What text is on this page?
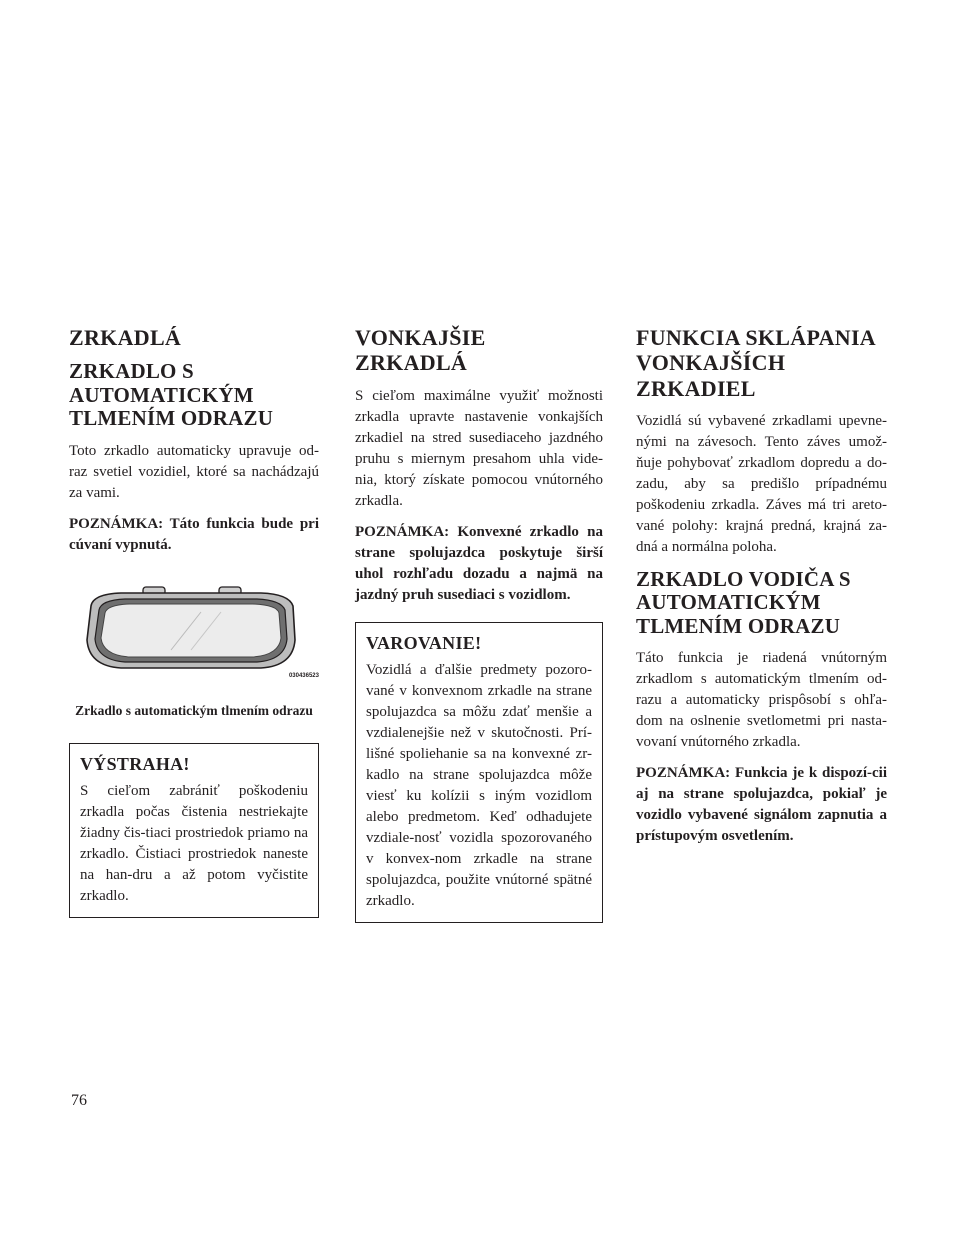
ZRKADLÁ
ZRKADLO S AUTOMATICKÝM TLMENÍM ODRAZU

Toto zrkadlo automaticky upravuje od-raz svetiel vozidiel, ktoré sa nachádzajú za vami.

POZNÁMKA: Táto funkcia bude pri cúvaní vypnutá.

030436523
Zrkadlo s automatickým tlmením odrazu
VÝSTRAHA!

S cieľom zabrániť poškodeniu zrkadla počas čistenia nestriekajte žiadny čis-tiaci prostriedok priamo na zrkadlo. Čistiaci prostriedok naneste na han-dru a až potom vyčistite zrkadlo.

VONKAJŠIE ZRKADLÁ

S cieľom maximálne využiť možnosti zrkadla upravte nastavenie vonkajších zrkadiel na stred susediaceho jazdného pruhu s miernym presahom uhla vide-nia, ktorý získate pomocou vnútorného zrkadla.

POZNÁMKA: Konvexné zrkadlo na strane spolujazdca poskytuje širší uhol rozhľadu dozadu a najmä na jazdný pruh susediaci s vozidlom.

VAROVANIE!

Vozidlá a ďalšie predmety pozoro-vané v konvexnom zrkadle na strane spolujazdca sa môžu zdať menšie a vzdialenejšie než v skutočnosti. Prí-lišné spoliehanie sa na konvexné zr-kadlo na strane spolujazdca môže viesť ku kolízii s iným vozidlom alebo predmetom. Keď odhadujete vzdiale-nosť vozidla spozorovaného v konvex-nom zrkadle na strane spolujazdca, použite vnútorné spätné zrkadlo.

FUNKCIA SKLÁPANIA VONKAJŠÍCH ZRKADIEL

Vozidlá sú vybavené zrkadlami upevne-nými na závesoch. Tento záves umož-ňuje pohybovať zrkadlom dopredu a do-zadu, aby sa predišlo prípadnému poškodeniu zrkadla. Záves má tri areto-vané polohy: krajná predná, krajná za-dná a normálna poloha.

ZRKADLO VODIČA S AUTOMATICKÝM TLMENÍM ODRAZU

Táto funkcia je riadená vnútorným zrkadlom s automatickým tlmením od-razu a automaticky prispôsobí s ohľa-dom na oslnenie svetlometmi pri nasta-vovaní vnútorného zrkadla.

POZNÁMKA: Funkcia je k dispozí-cii aj na strane spolujazdca, pokiaľ je vozidlo vybavené signálom zapnutia a prístupovým osvetlením.

76
